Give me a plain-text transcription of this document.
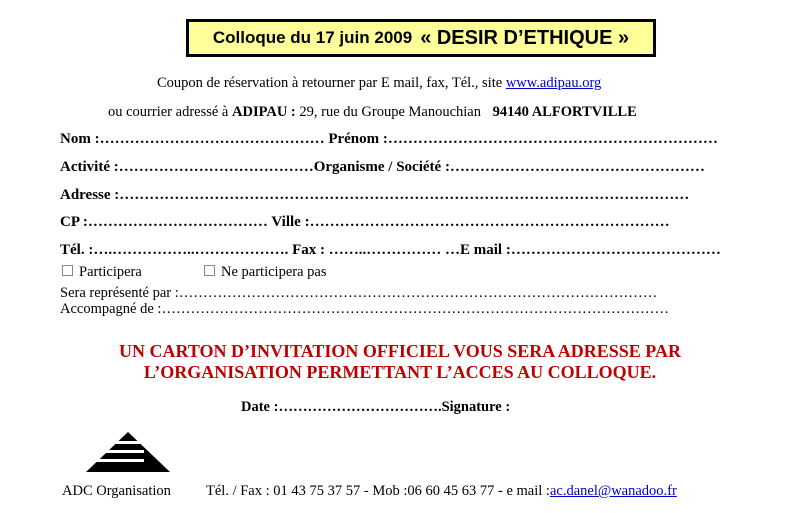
Colloque du 17 juin 2009 « DESIR D’ETHIQUE »
Coupon de réservation à retourner par E mail, fax, Tél., site www.adipau.org
ou courrier adressé à ADIPAU : 29, rue du Groupe Manouchian 94140 ALFORTVILLE
Nom :……………………………………… Prénom :…………………………………………………………
Activité :…………………………………Organisme / Société :……………………………………………
Adresse :……………………………………………………………………………………………………
CP :……………………………… Ville :………………………………………………………………
Tél. :….……………..………………. Fax : ……..…………… …E mail :……………………………………
Participera	Ne participera pas
Sera représenté par :………………………………………………………………………………………
Accompagné de :……………………………………………………………………………………………
UN CARTON D’INVITATION OFFICIEL VOUS SERA ADRESSE PAR
L’ORGANISATION PERMETTANT L’ACCES AU COLLOQUE.
Date :…………………………….Signature :
ADC Organisation Tél. / Fax : 01 43 75 37 57 - Mob :06 60 45 63 77 - e mail :ac.danel@wanadoo.fr
